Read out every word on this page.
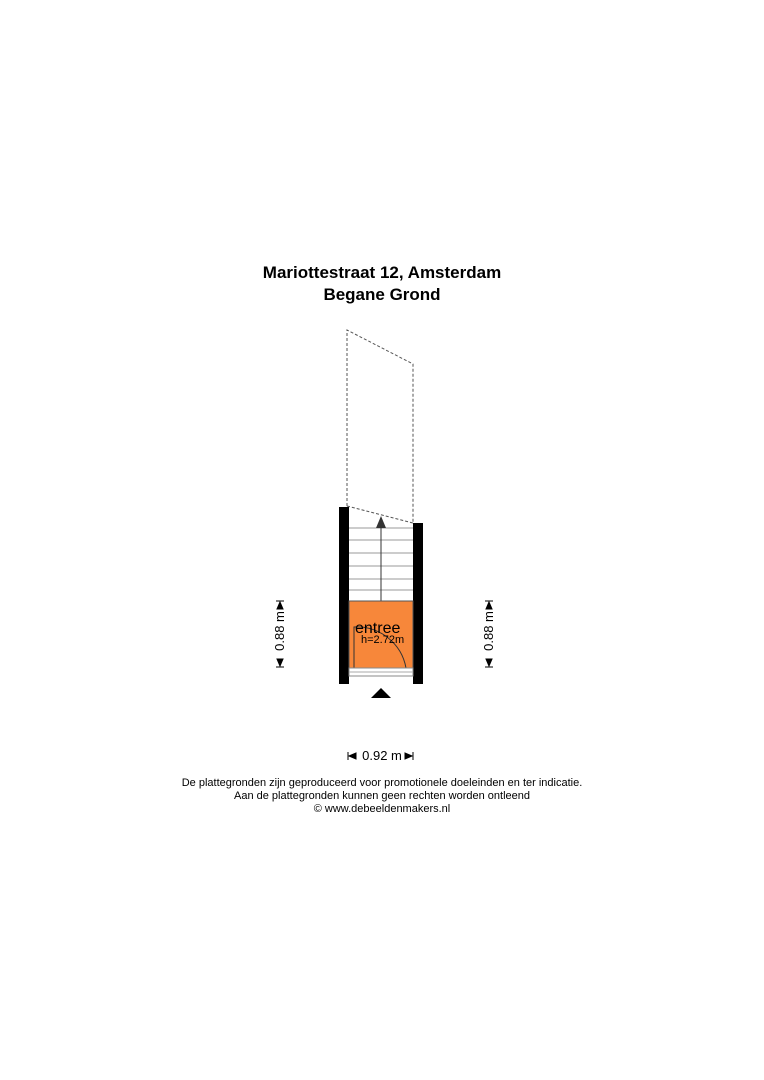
Mariottestraat 12, Amsterdam
Begane Grond
entree
h=2.72m
0.92 m
0.88 m	0.88 m
De plattegronden zijn geproduceerd voor promotionele doeleinden en ter indicatie.
Aan de plattegronden kunnen geen rechten worden ontleend
© www.debeeldenmakers.nl
